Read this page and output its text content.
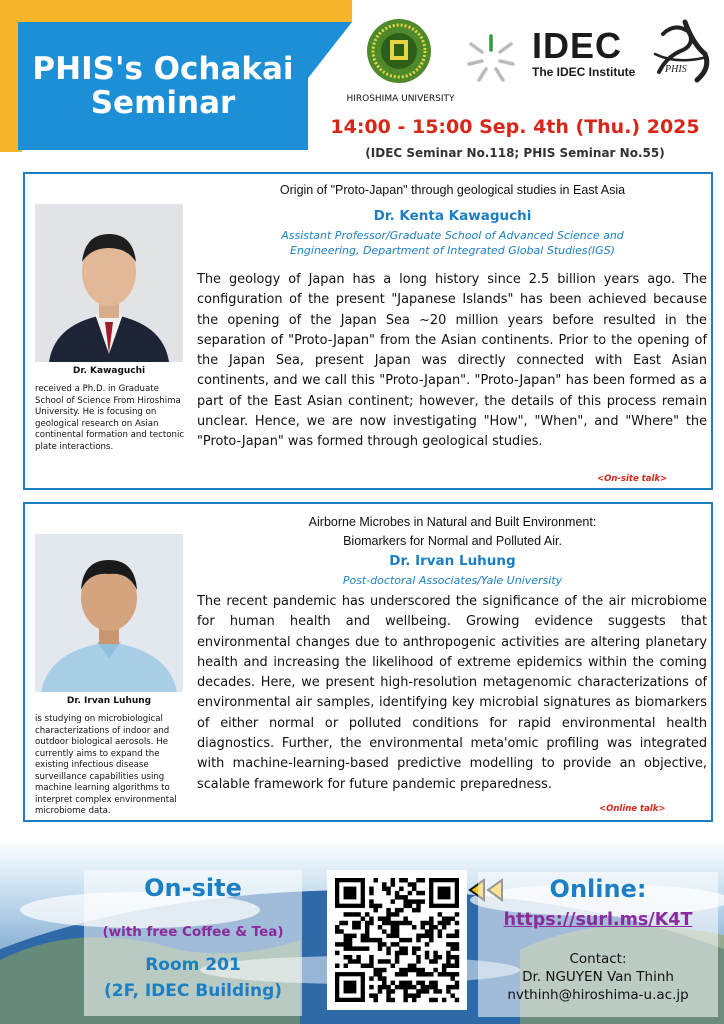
PHIS's Ochakai
Seminar	HIROSHIMA UNIVERSITY
IDEC
The IDEC Institute	PHIS
14:00 - 15:00 Sep. 4th (Thu.) 2025
(IDEC Seminar No.118; PHIS Seminar No.55)
Dr. Kawaguchi
received a Ph.D. in Graduate School of Science From Hiroshima University. He is focusing on geological research on Asian continental formation and tectonic plate interactions.
Origin of "Proto-Japan" through geological studies in East Asia
Dr. Kenta Kawaguchi
Assistant Professor/Graduate School of Advanced Science and
Engineering, Department of Integrated Global Studies(IGS)
The geology of Japan has a long history since 2.5 billion years ago. The configuration of the present "Japanese Islands" has been achieved because the opening of the Japan Sea ~20 million years before resulted in the separation of "Proto-Japan" from the Asian continents. Prior to the opening of the Japan Sea, present Japan was directly connected with East Asian continents, and we call this "Proto-Japan". "Proto-Japan" has been formed as a part of the East Asian continent; however, the details of this process remain unclear. Hence, we are now investigating "How", "When", and "Where" the "Proto-Japan" was formed through geological studies.
<On-site talk>
Dr. Irvan Luhung
is studying on microbiological characterizations of indoor and outdoor biological aerosols. He currently aims to expand the existing infectious disease surveillance capabilities using machine learning algorithms to interpret complex environmental microbiome data.
Airborne Microbes in Natural and Built Environment:
Biomarkers for Normal and Polluted Air.
Dr. Irvan Luhung
Post-doctoral Associates/Yale University
The recent pandemic has underscored the significance of the air microbiome for human health and wellbeing. Growing evidence suggests that environmental changes due to anthropogenic activities are altering planetary health and increasing the likelihood of extreme epidemics within the coming decades. Here, we present high-resolution metagenomic characterizations of environmental air samples, identifying key microbial signatures as biomarkers of either normal or polluted conditions for rapid environmental health diagnostics. Further, the environmental meta'omic profiling was integrated with machine-learning-based predictive modelling to provide an objective, scalable framework for future pandemic preparedness.
<Online talk>
On-site
(with free Coffee & Tea)
Room 201
(2F, IDEC Building)
Online:
https://surl.ms/K4T
Contact:
Dr. NGUYEN Van Thinh
nvthinh@hiroshima-u.ac.jp
